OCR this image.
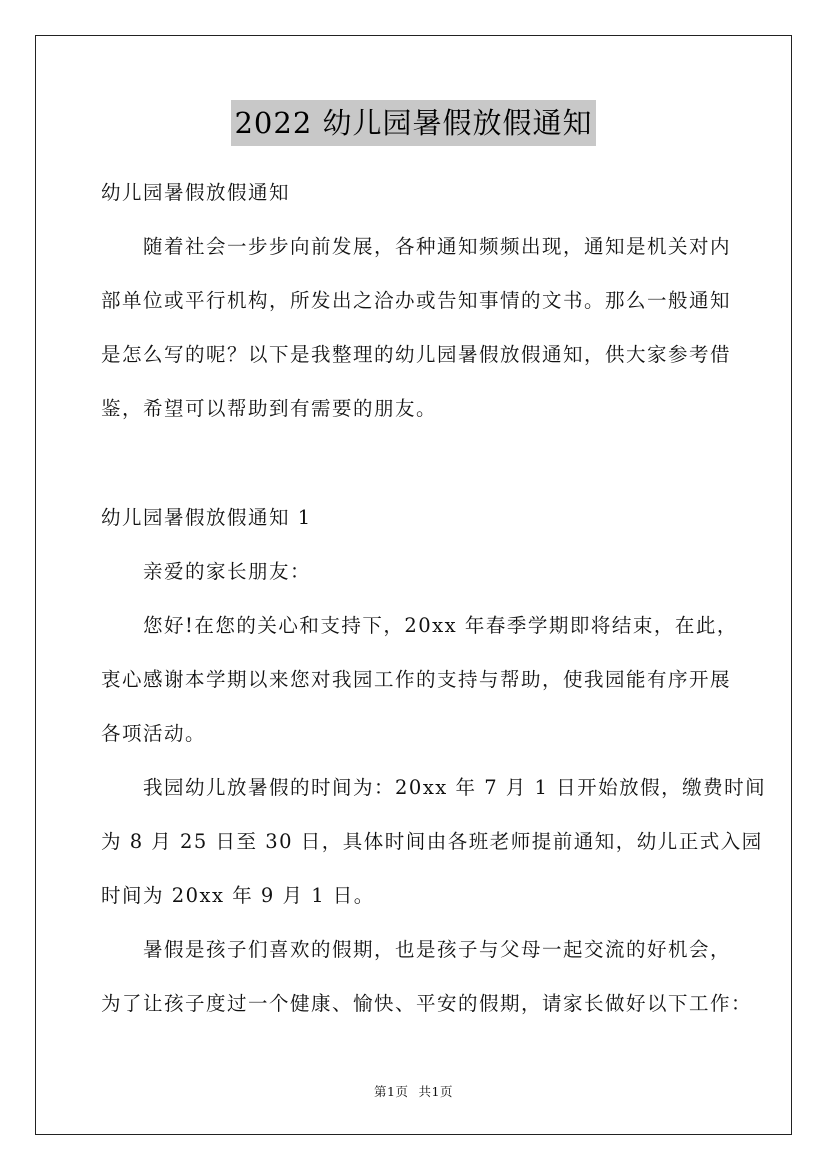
2022 幼儿园暑假放假通知

幼儿园暑假放假通知

　　随着社会一步步向前发展，各种通知频频出现，通知是机关对内

部单位或平行机构，所发出之洽办或告知事情的文书。那么一般通知

是怎么写的呢？以下是我整理的幼儿园暑假放假通知，供大家参考借

鉴，希望可以帮助到有需要的朋友。

幼儿园暑假放假通知 1

　　亲爱的家长朋友：

　　您好!在您的关心和支持下，20xx 年春季学期即将结束，在此，

衷心感谢本学期以来您对我园工作的支持与帮助，使我园能有序开展

各项活动。

　　我园幼儿放暑假的时间为：20xx 年 7 月 1 日开始放假，缴费时间

为 8 月 25 日至 30 日，具体时间由各班老师提前通知，幼儿正式入园

时间为 20xx 年 9 月 1 日。

　　暑假是孩子们喜欢的假期，也是孩子与父母一起交流的好机会，

为了让孩子度过一个健康、愉快、平安的假期，请家长做好以下工作：

第1页 共1页
